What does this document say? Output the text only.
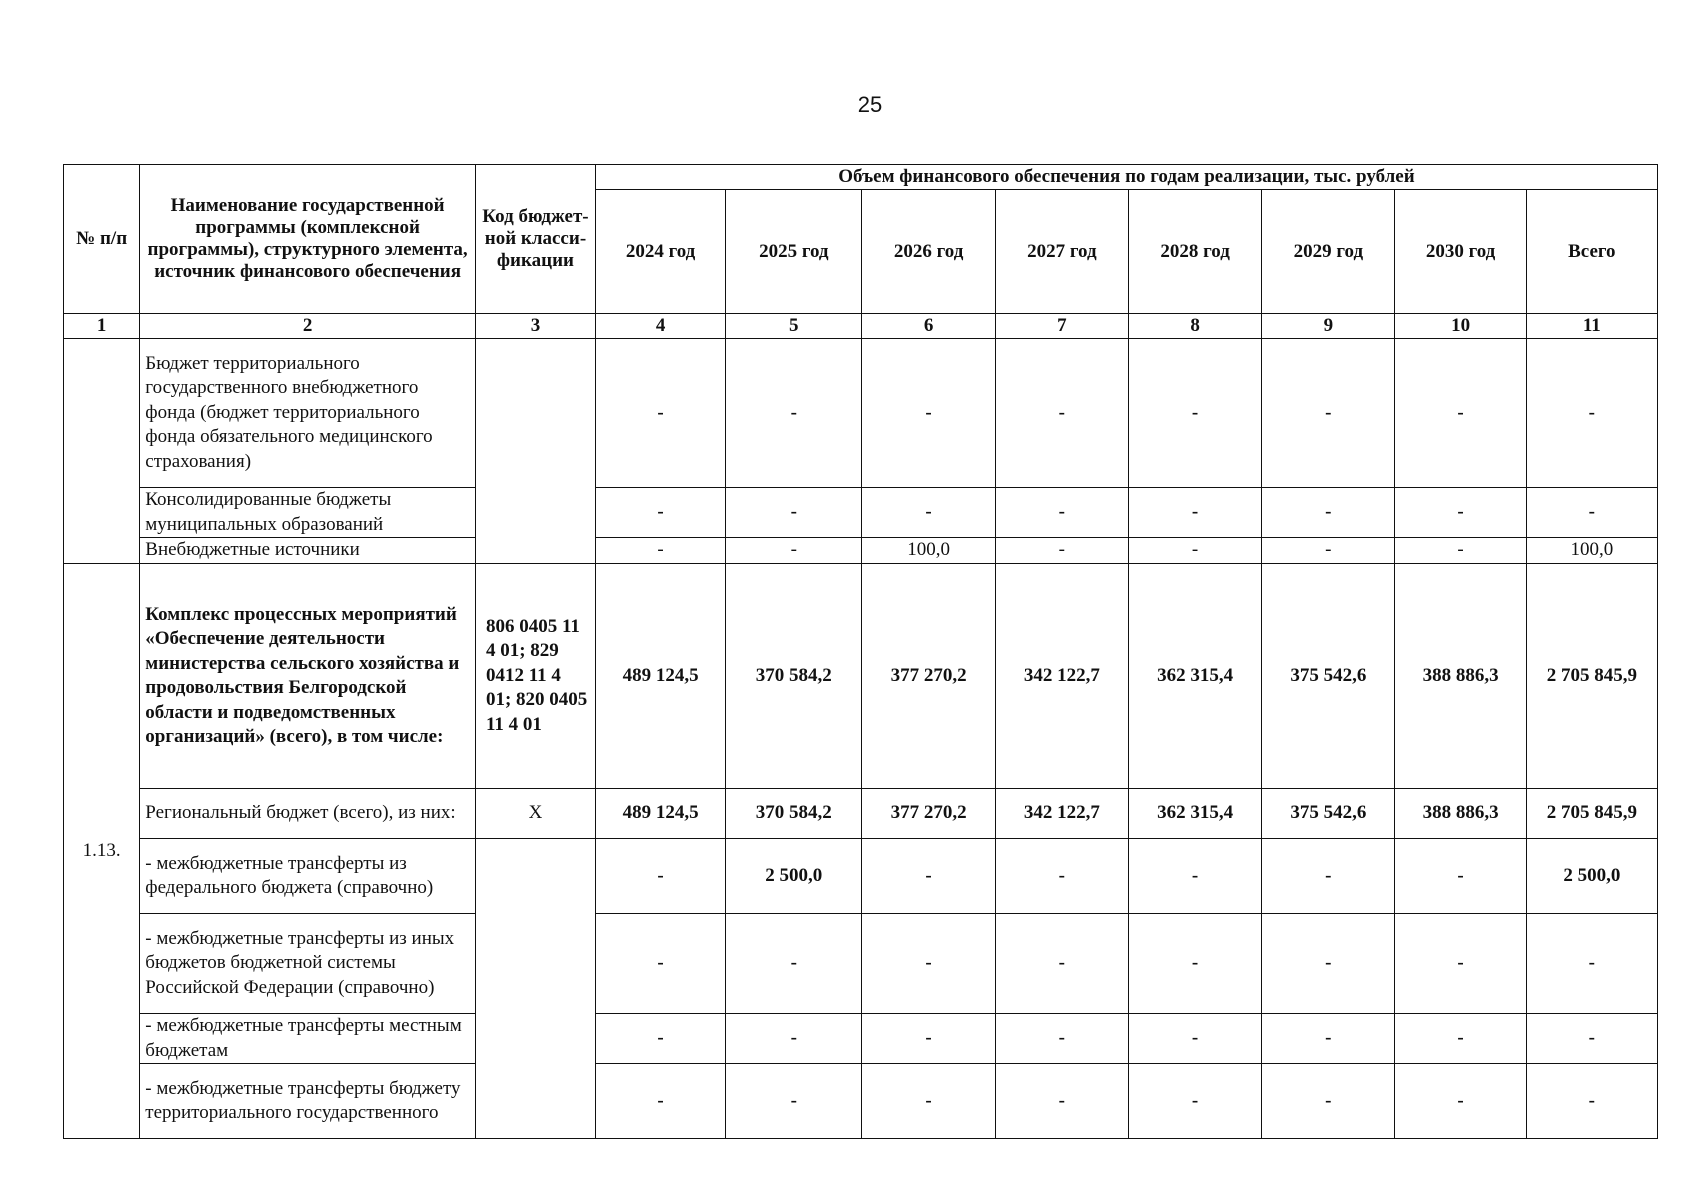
25
№ п/п	Наименование государственной программы (комплексной программы), структурного элемента, источник финансового обеспечения	Код бюджет-ной класси-фикации	Объем финансового обеспечения по годам реализации, тыс. рублей							
			2024 год	2025 год	2026 год	2027 год	2028 год	2029 год	2030 год	Всего
1	2	3	4	5	6	7	8	9	10	11
	Бюджет территориального государственного внебюджетного фонда (бюджет территориального фонда обязательного медицинского страхования)		-	-	-	-	-	-	-	-
	Консолидированные бюджеты муниципальных образований		-	-	-	-	-	-	-	-
	Внебюджетные источники		-	-	100,0	-	-	-	-	100,0
1.13.	Комплекс процессных мероприятий «Обеспечение деятельности министерства сельского хозяйства и продовольствия Белгородской области и подведомственных организаций» (всего), в том числе:	806 0405 11 4 01; 829 0412 11 4 01; 820 0405 11 4 01	489 124,5	370 584,2	377 270,2	342 122,7	362 315,4	375 542,6	388 886,3	2 705 845,9
	Региональный бюджет (всего), из них:	X	489 124,5	370 584,2	377 270,2	342 122,7	362 315,4	375 542,6	388 886,3	2 705 845,9
	- межбюджетные трансферты из федерального бюджета (справочно)		-	2 500,0	-	-	-	-	-	2 500,0
	- межбюджетные трансферты из иных бюджетов бюджетной системы Российской Федерации (справочно)		-	-	-	-	-	-	-	-
	- межбюджетные трансферты местным бюджетам		-	-	-	-	-	-	-	-
	- межбюджетные трансферты бюджету территориального государственного		-	-	-	-	-	-	-	-
